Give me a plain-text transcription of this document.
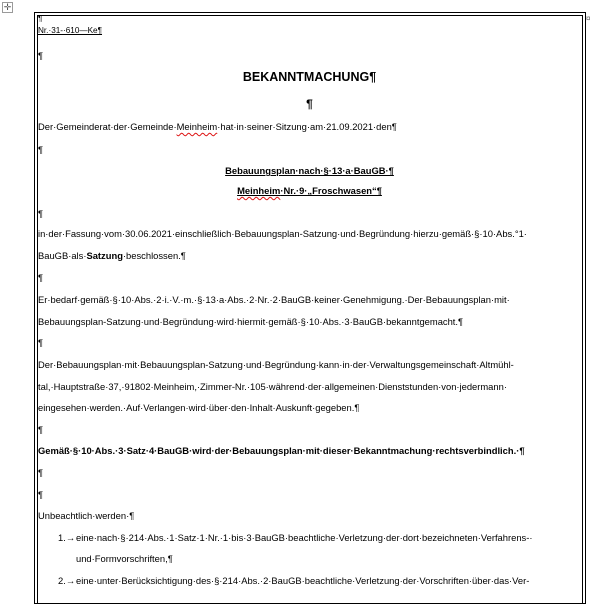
✛
¤
¶
Nr.·31-·610—Ke¶
¶
BEKANNTMACHUNG¶
¶
Der·Gemeinderat·der·Gemeinde·Meinheim·hat·in·seiner·Sitzung·am·21.09.2021·den¶
¶
Bebauungsplan·nach·§·13·a·BauGB·¶
Meinheim·Nr.·9·„Froschwasen“¶
¶
in·der·Fassung·vom·30.06.2021·einschließlich·Bebauungsplan-Satzung·und·Begründung·hierzu·gemäß·§·10·Abs.°1·
BauGB·als·Satzung·beschlossen.¶
¶
Er·bedarf·gemäß·§·10·Abs.·2·i.·V.·m.·§·13·a·Abs.·2·Nr.·2·BauGB·keiner·Genehmigung.·Der·Bebauungsplan·mit·
Bebauungsplan-Satzung·und·Begründung·wird·hiermit·gemäß·§·10·Abs.·3·BauGB·bekanntgemacht.¶
¶
Der·Bebauungsplan·mit·Bebauungsplan-Satzung·und·Begründung·kann·in·der·Verwaltungsgemeinschaft·Altmühl-
tal,·Hauptstraße·37,·91802·Meinheim,·Zimmer-Nr.·105·während·der·allgemeinen·Dienststunden·von·jedermann·
eingesehen·werden.·Auf·Verlangen·wird·über·den·Inhalt·Auskunft·gegeben.¶
¶
Gemäß·§·10·Abs.·3·Satz·4·BauGB·wird·der·Bebauungsplan·mit·dieser·Bekanntmachung·rechtsverbindlich.·¶
¶
¶
Unbeachtlich·werden·¶
1.→ eine·nach·§·214·Abs.·1·Satz·1·Nr.·1·bis·3·BauGB·beachtliche·Verletzung·der·dort·bezeichneten·Verfahrens-·
und·Formvorschriften,¶
2.→ eine·unter·Berücksichtigung·des·§·214·Abs.·2·BauGB·beachtliche·Verletzung·der·Vorschriften·über·das·Ver-
